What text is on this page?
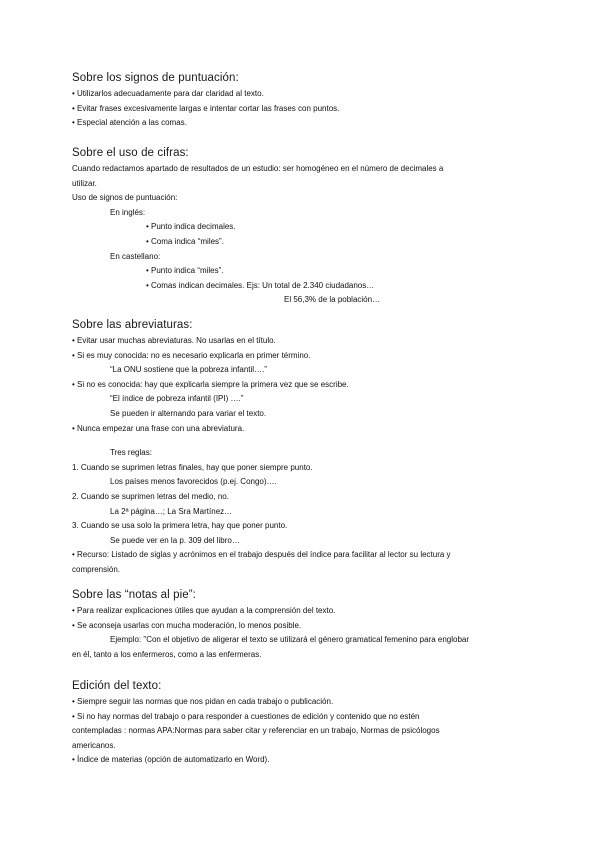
Sobre los signos de puntuación:
• Utilizarlos adecuadamente para dar claridad al texto.
• Evitar frases excesivamente largas e intentar cortar las frases con puntos.
• Especial atención a las comas.
Sobre el uso de cifras:
Cuando redactamos apartado de resultados de un estudio: ser homogéneo en el número de decimales a
utilizar.
Uso de signos de puntuación:
En inglés:
• Punto indica decimales.
• Coma indica “miles”.
En castellano:
• Punto indica “miles”.
• Comas indican decimales. Ejs: Un total de 2.340 ciudadanos…
El 56,3% de la población…
Sobre las abreviaturas:
• Evitar usar muchas abreviaturas. No usarlas en el título.
• Si es muy conocida: no es necesario explicarla en primer término.
“La ONU sostiene que la pobreza infantil….”
• Si no es conocida: hay que explicarla siempre la primera vez que se escribe.
“El índice de pobreza infantil (IPI) ….”
Se pueden ir alternando para variar el texto.
• Nunca empezar una frase con una abreviatura.
Tres reglas:
1. Cuando se suprimen letras finales, hay que poner siempre punto.
Los países menos favorecidos (p.ej. Congo)….
2. Cuando se suprimen letras del medio, no.
La 2ª página…; La Sra Martínez…
3. Cuando se usa solo la primera letra, hay que poner punto.
Se puede ver en la p. 309 del libro…
• Recurso: Listado de siglas y acrónimos en el trabajo después del índice para facilitar al lector su lectura y
comprensión.
Sobre las “notas al pie”:
• Para realizar explicaciones útiles que ayudan a la comprensión del texto.
• Se aconseja usarlas con mucha moderación, lo menos posible.
Ejemplo: "Con el objetivo de aligerar el texto se utilizará el género gramatical femenino para englobar
en él, tanto a los enfermeros, como a las enfermeras.
Edición del texto:
• Siempre seguir las normas que nos pidan en cada trabajo o publicación.
• Si no hay normas del trabajo o para responder a cuestiones de edición y contenido que no estén
contempladas : normas APA:Normas para saber citar y referenciar en un trabajo, Normas de psicólogos
americanos.
• Índice de materias (opción de automatizarlo en Word).
